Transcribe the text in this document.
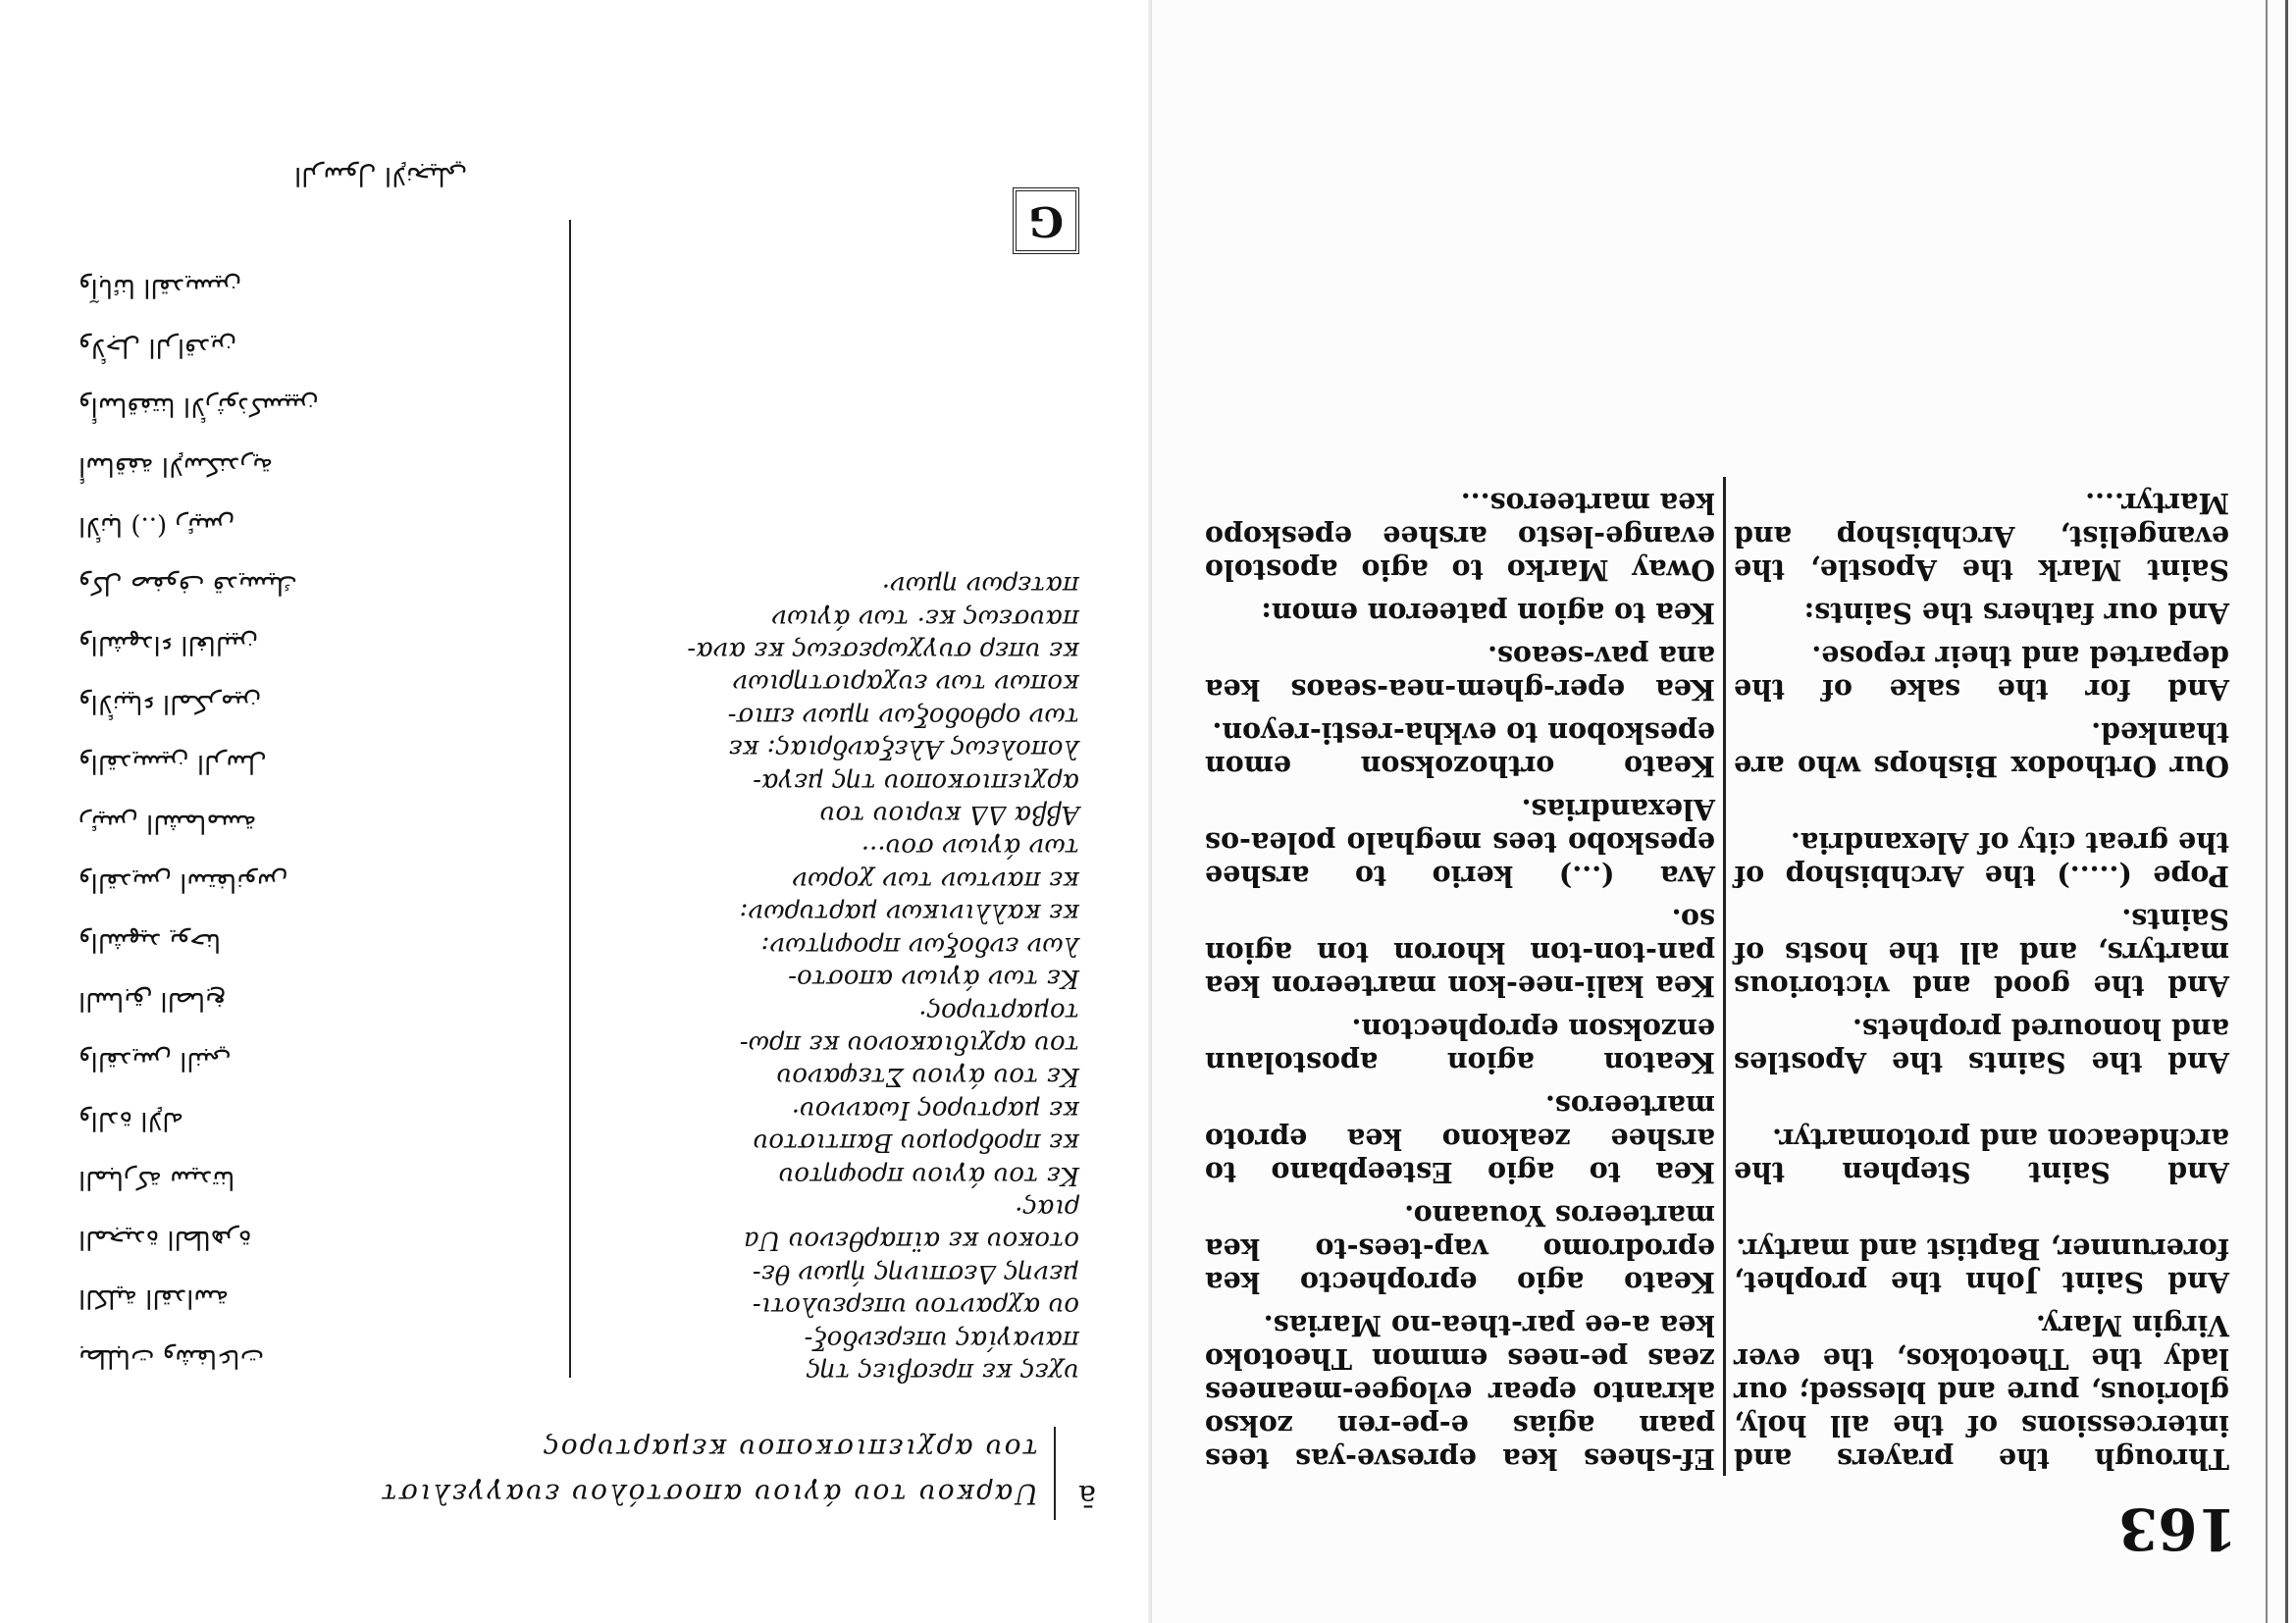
163
Through the prayers and intercessions of the all holy, glorious, pure and blessed; our lady the Theotokos, the ever Virgin Mary.	Ef-shees kea epresve-yas tees paan agias e-pe-ren zokso akranto epear evlogee-meanees zeas pe-nees emmon Theotoko kea a-ee par-thea-no Marias.
And Saint John the prophet, forerunner, Baptist and martyr.	Keato agio eprophecto kea eprodromo vap-tees-to kea marteeros Youaano.
And Saint Stephen the archdeacon and protomartyr.	Kea to agio Esteepbano to arshee zeakono kea eproto marteeros.
And the Saints the Apostles and honoured prophets.	Keaton agion apostolaun enzokson eprophecton.
And the good and victorious martyrs, and all the hosts of Saints.	Kea kali-nee-kon marteeron kea pan-ton-ton khoron ton agion so.
Pope (.....) the Archbishop of the great city of Alexandria.	Ava (...) kerio to arshee epeskobo tees meghalo polea-os Alexandrias.
Our Orthodox Bishops who are thanked.	Keato orthozokson emon epeskobon to evkha-resti-reyon.
And for the sake of the departed and their repose.	Kea eper-ghem-nea-seaos kea ana pav-seaos.
And our fathers the Saints:	Kea to agion pateeron emon:
Saint Mark the Apostle, the evangelist, Archbishop and Martyr....	Oway Marko to agio apostolo evange-lesto arshee epeskopo kea marteeros...
ā
Uαρκου του άγιου αποστόλου ευαγγελιστ
του αρχιεπισκοπου κεμαρτυρος

υχες κε πρεσβιες της

παναγίας υπερενδοξ-

ου αχραντου υπερευλοτι-

μενης Δεσπινης ήμων θε-

οτοκου κε αϊπαρθενου Ua

ριας·

Κε του άγιου προφητου

κε προδρομου Βαπτιστου

κε μαρτυρος Ιωαννου·

Κε του άγιου Στεφανου

του αρχιδιακονου κε πρω-

τομαρτυρος·

Κε των άγιων αποστο-

λων ενδοξων προφητων:

κε καλλινικων μαρτυρων:

κε παντων των χορων

των άγιων σου···

Αββα ΔΔ κυριου του

αρχιεπισκοπου της μεγα-

λοπολεως Αλεξανδριας: κε

των ορθοδοξων ημων επισ-

κοπων των ευχαριστηριων

κε υπερ συγχωρεσεως κε ανα-

παυσεως κε· των άγιων

πατερων ημων·

بطلبات وشفاعات

الكلية القداسة

المجيدة الطاهرة

المباركة سيدتنا

والدة الإله

والقديس النبي

السابق الصابغ

والشهيد يوحنا

والقديس استفانوس

رئيس الشمامسة

والقديسين الرسل

والأنبياء المكرمين

والشهداء الغالبين

وكل صفوف قديسيك

الأنبا (..) رئيس

أساقفة الإسكندرية

وأساقفتنا الأرثوذكسيين

ولأجل الراقدين

وآبائنا القديسين

G
الرسول الإنجيلي
